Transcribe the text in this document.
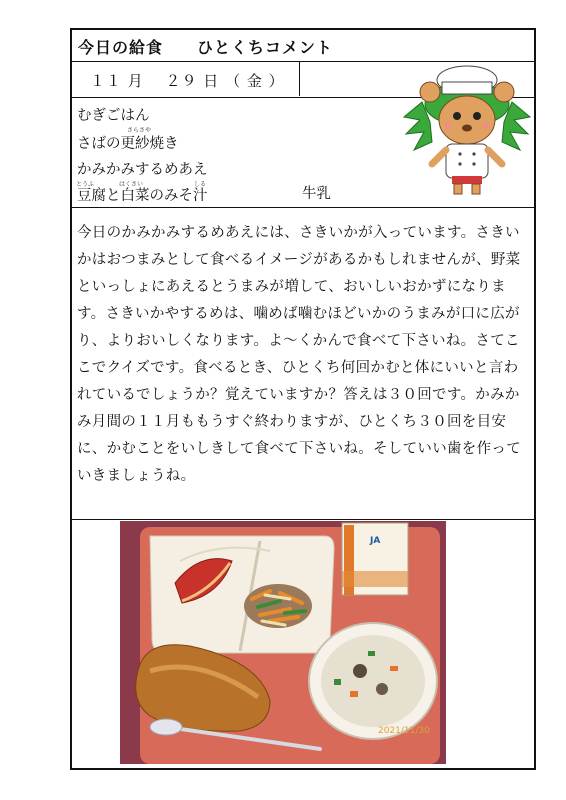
今日の給食　　ひとくちコメント
１１ 月　 ２９ 日 （ 金 ）
むぎごはん
さらさや
さばの更紗焼き
かみかみするめあえ
とうふ	はくさい	しる
豆腐と白菜のみそ汁	牛乳
今日のかみかみするめあえには、さきいかが入っています。さきいかはおつまみとして食べるイメージがあるかもしれませんが、野菜といっしょにあえるとうまみが増して、おいしいおかずになります。さきいかやするめは、噛めば噛むほどいかのうまみが口に広がり、よりおいしくなります。よ～くかんで食べて下さいね。さてここでクイズです。食べるとき、ひとくち何回かむと体にいいと言われているでしょうか？覚えていますか？答えは３０回です。かみかみ月間の１１月ももうすぐ終わりますが、ひとくち３０回を目安に、かむことをいしきして食べて下さいね。そしていい歯を作っていきましょうね。
JA
2021/11/30
